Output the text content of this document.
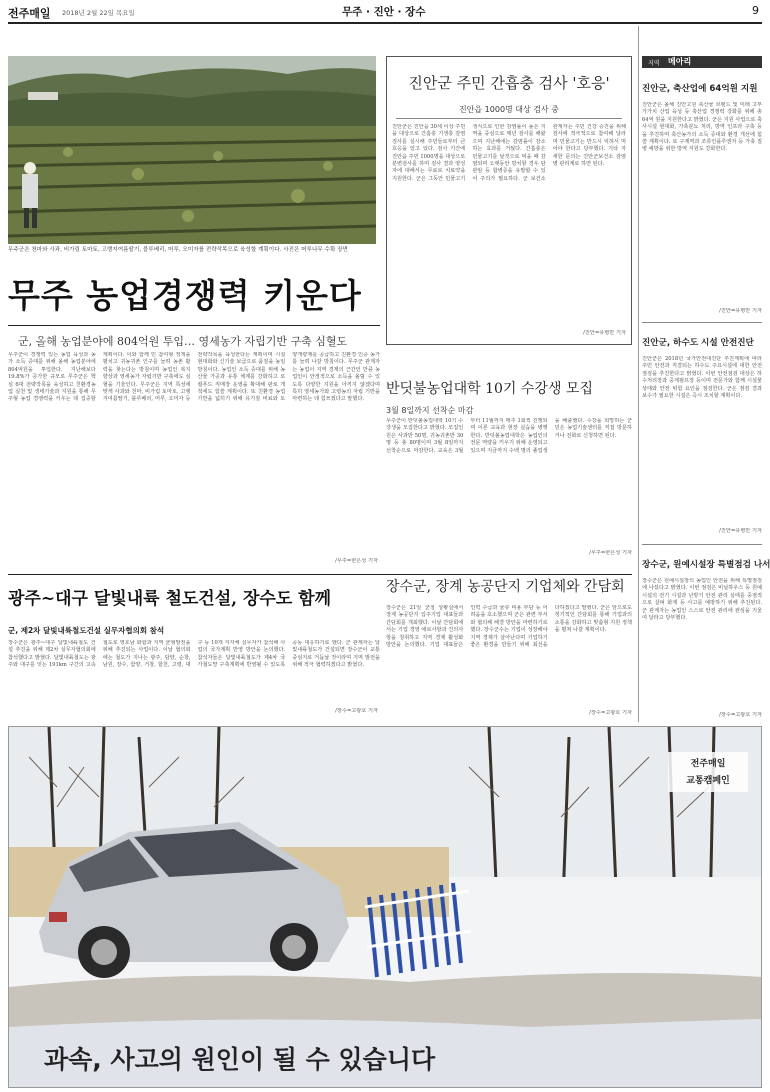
전주매일 2018년 2월 22일 목요일	무주 · 진안 · 장수	9
무주군은 천마와 사과, 비가림 토마토, 고랭지여름딸기, 블루베리, 머루, 오미자를 전략작목으로 육성할 계획이다. 사진은 머루나무 수확 장면
무주 농업경쟁력 키운다
군, 올해 농업분야에 804억원 투입… 영세농가 자립기반 구축 심혈도
무주군이 경쟁력 있는 농업 육성과 농가 소득 증대를 위해 올해 농업분야에 804억원을 투입한다. 지난해보다 19.8%가 증가한 규모로 무주군은 핵심 6대 전략작목을 육성하고 친환경농업 실천 및 생태기술과 지원을 통해 무주형 농업 경쟁력을 키우는 데 집중할 계획이다. 이와 함께 민 참여형 정책을 펼치고 귀농귀촌 인구를 늘려 농촌 활력을 찾는다는 방침이며 농업인 복지 향상과 영세농가 자립기반 구축에도 심혈을 기울인다. 무주군은 지역 특성에 맞게 사과와 천마, 비가림 토마토, 고랭지여름딸기, 블루베리, 머루, 오미자 등 전략작목을 육성한다는 계획이며 시설 현대화와 신기술 보급으로 품질을 높일 방침이다. 농업인 소득 증대를 위해 농산물 가공과 유통 체계를 강화하고 로컬푸드 직매장 운영을 확대해 판로 개척에도 힘쓸 계획이다. 또 친환경 농업 기반을 넓히기 위해 유기질 비료와 토양개량제를 공급하고 친환경 인증 농가를 늘려 나갈 방침이다. 무주군 관계자는 농업이 지역 경제의 근간인 만큼 농업인이 안정적으로 소득을 올릴 수 있도록 다양한 지원을 아끼지 않겠다며 특히 영세농가와 고령농의 자립 기반을 마련하는 데 힘쓰겠다고 말했다.
/무주=한은성 기자
진안군 주민 간흡충 검사 '호응'
진안읍 1000명 대상 검사 중
진안군은 진안읍 30세 이상 주민을 대상으로 간흡충 기생충 감염 검사를 실시해 주민들로부터 큰 호응을 얻고 있다. 검사 기간에 진안읍 주민 1000명을 대상으로 분변검사를 하며 검사 결과 양성자에 대해서는 무료로 치료약을 지원한다. 군은 그동안 민물고기 생식으로 인한 감염률이 높은 지역을 중심으로 매년 검사를 해왔으며 지난해에는 감염률이 감소하는 효과를 거뒀다. 간흡충은 민물고기를 날것으로 먹을 때 감염되며 오랫동안 방치할 경우 담관암 등 합병증을 유발할 수 있어 주의가 필요하다. 군 보건소 관계자는 주민 건강 증진을 위해 검사에 적극적으로 참여해 달라며 민물고기는 반드시 익혀서 먹어야 한다고 당부했다. 기타 자세한 문의는 진안군보건소 감염병 관리계로 하면 된다.
/진안=유병만 기자
반딧불농업대학 10기 수강생 모집
3월 8일까지 선착순 마감
무주군이 반딧불농업대학 10기 수강생을 모집한다고 밝혔다. 모집인원은 사과반 50명, 귀농귀촌반 30명 등 총 80명이며 3월 8일까지 선착순으로 마감한다. 교육은 3월부터 11월까지 매주 1회씩 진행되며 이론 교육과 현장 실습을 병행한다. 반딧불농업대학은 농업인의 전문 역량을 키우기 위해 운영되고 있으며 지금까지 수백 명의 졸업생을 배출했다. 수강을 희망하는 군민은 농업기술센터를 직접 방문하거나 전화로 신청하면 된다.
/무주=한은성 기자
광주~대구 달빛내륙 철도건설, 장수도 함께
군, 제2차 달빛내륙철도건설 실무자협의회 참석
장수군은 광주~대구 달빛내륙철도 건설 추진을 위해 제2차 실무자협의회에 참석했다고 밝혔다. 달빛내륙철도는 광주와 대구를 잇는 191km 구간의 고속철도로 영호남 화합과 지역 균형발전을 위해 추진되는 사업이다. 이날 협의회에는 철도가 지나는 광주, 담양, 순창, 남원, 장수, 함양, 거창, 합천, 고령, 대구 등 10개 지자체 실무자가 참석해 사업의 국가계획 반영 방안을 논의했다. 참석자들은 달빛내륙철도가 제4차 국가철도망 구축계획에 반영될 수 있도록 공동 대응하기로 했다. 군 관계자는 달빛내륙철도가 건설되면 장수군이 교통 중심지로 거듭날 것이라며 지역 발전을 위해 적극 협력하겠다고 밝혔다.
/장수=고광호 기자
장수군, 장계 농공단지 기업체와 간담회
장수군은 21일 군청 상황실에서 장계 농공단지 입주기업 대표들과 간담회를 개최했다. 이날 간담회에서는 기업 경영 애로사항과 건의사항을 청취하고 지역 경제 활성화 방안을 논의했다. 기업 대표들은 인력 수급과 물류 비용 부담 등 어려움을 호소했으며 군은 관련 부서와 협의해 해결 방안을 마련하기로 했다. 장수군수는 기업이 성장해야 지역 경제가 살아난다며 기업하기 좋은 환경을 만들기 위해 최선을 다하겠다고 말했다. 군은 앞으로도 정기적인 간담회를 통해 기업과의 소통을 강화하고 맞춤형 지원 정책을 펼쳐 나갈 계획이다.
/장수=고광호 기자
지역 메아리
진안군, 축산업에 64억원 지원
진안군은 올해 진안고원 축산물 브랜드 및 미래 고부가가치 산업 육성 등 축산업 경쟁력 강화를 위해 총 64억 원을 지원한다고 밝혔다. 군은 지원 사업으로 축사시설 현대화, 가축분뇨 처리, 방역 인프라 구축 등을 추진하며 축산농가의 소득 증대와 환경 개선에 힘쓸 계획이다. 또 구제역과 조류인플루엔자 등 가축 질병 예방을 위한 방역 지원도 강화한다.
/진안=유병만 기자
진안군, 하수도 시설 안전진단
진안군은 2018년 국가안전대진단 추진계획에 따라 주민 안전과 직결되는 하수도 주요시설에 대한 안전 점검을 추진한다고 밝혔다. 이번 안전점검 대상은 하수처리장과 중계펌프장 등이며 전문가와 함께 시설물 상태와 안전 위험 요인을 점검한다. 군은 점검 결과 보수가 필요한 시설은 즉시 조치할 계획이다.
/진안=유병만 기자
장수군, 원예시설장 특별점검 나서
장수군은 원예시설장의 농업인 안전을 위해 특별점검에 나섰다고 밝혔다. 이번 점검은 비닐하우스 등 원예시설의 전기 시설과 난방기 안전 관리 실태를 중점적으로 살펴 화재 등 사고를 예방하기 위해 추진된다. 군 관계자는 농업인 스스로 안전 관리에 관심을 기울여 달라고 당부했다.
/장수=고광호 기자
전주매일
교통캠페인
과속, 사고의 원인이 될 수 있습니다
